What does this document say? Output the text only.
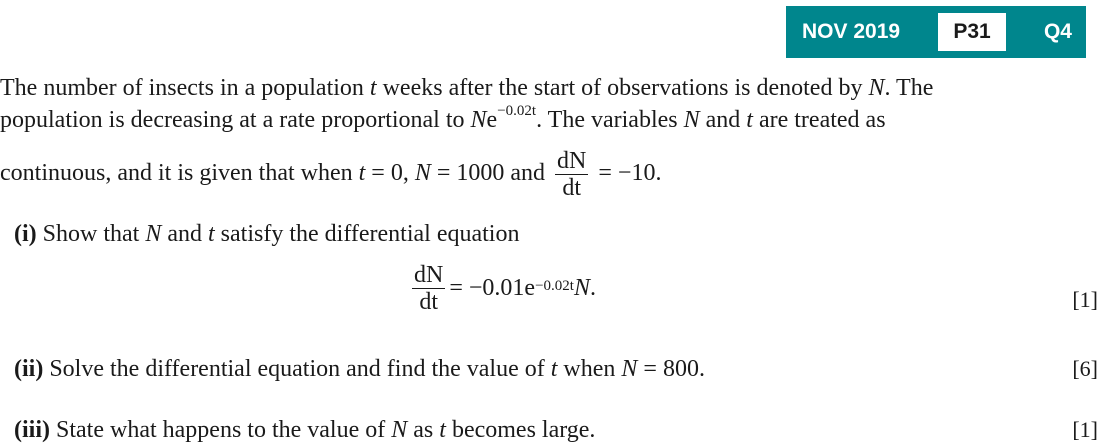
NOV 2019	P31	Q4
The number of insects in a population t weeks after the start of observations is denoted by N. The
population is decreasing at a rate proportional to $Ne^{-0.02t}$. The variables N and t are treated as
continuous, and it is given that when t = 0, N = 1000 and $\frac{dN}{dt} = -10$.
(i) Show that N and t satisfy the differential equation
$\frac{dN}{dt} = -0.01e^{-0.02t}$ N .	[1]
(ii) Solve the differential equation and find the value of t when N = 800.	[6]
(iii) State what happens to the value of N as t becomes large.	[1]
